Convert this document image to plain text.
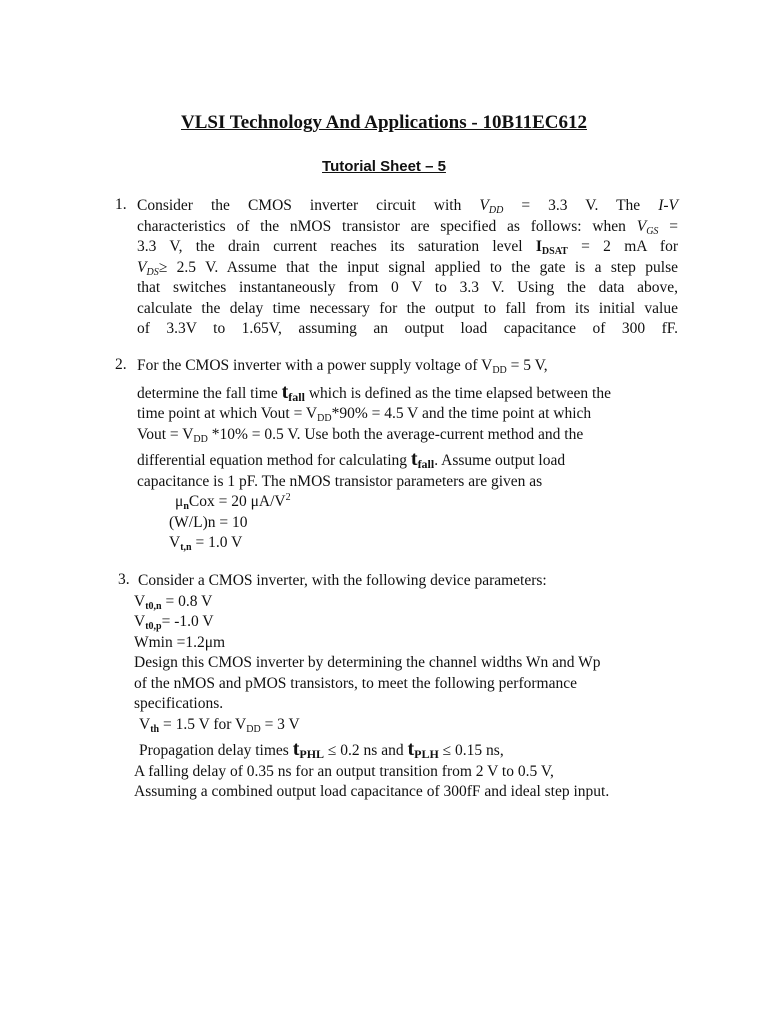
VLSI Technology And Applications - 10B11EC612
Tutorial Sheet – 5
1. Consider the CMOS inverter circuit with $V_{DD} = 3.3$ V. The I-V
characteristics of the nMOS transistor are specified as follows: when $V_{GS}$ =
3.3 V, the drain current reaches its saturation level $I_{DSAT} = 2$ mA for
$V_{DS}\ge 2.5$ V. Assume that the input signal applied to the gate is a step pulse
that switches instantaneously from 0 V to 3.3 V. Using the data above,
calculate the delay time necessary for the output to fall from its initial value
of 3.3V to 1.65V, assuming an output load capacitance of 300 fF.
2. For the CMOS inverter with a power supply voltage of $V_{DD} = 5$ V,
determine the fall time $t_{fall}$ which is defined as the time elapsed between the
time point at which Vout = $V_{DD}*90\% = 4.5$ V and the time point at which
Vout = $V_{DD}$ *10% = 0.5 V. Use both the average-current method and the
differential equation method for calculating $t_{fall}$. Assume output load
capacitance is 1 pF. The nMOS transistor parameters are given as
$\mu_nCox = 20$ $\mu A/V^2$
(W/L)n = 10
$V_{t,n} = 1.0$ V
3. Consider a CMOS inverter, with the following device parameters:
$V_{t0,n} = 0.8$ V
$V_{t0,p}= -1.0$ V
Wmin =1.2μm
Design this CMOS inverter by determining the channel widths Wn and Wp
of the nMOS and pMOS transistors, to meet the following performance
specifications.
$V_{th} = 1.5$ V for $V_{DD} = 3$ V
Propagation delay times $t_{PHL} \le 0.2$ ns and $t_{PLH} \le 0.15$ ns,
A falling delay of 0.35 ns for an output transition from 2 V to 0.5 V,
Assuming a combined output load capacitance of 300fF and ideal step input.
